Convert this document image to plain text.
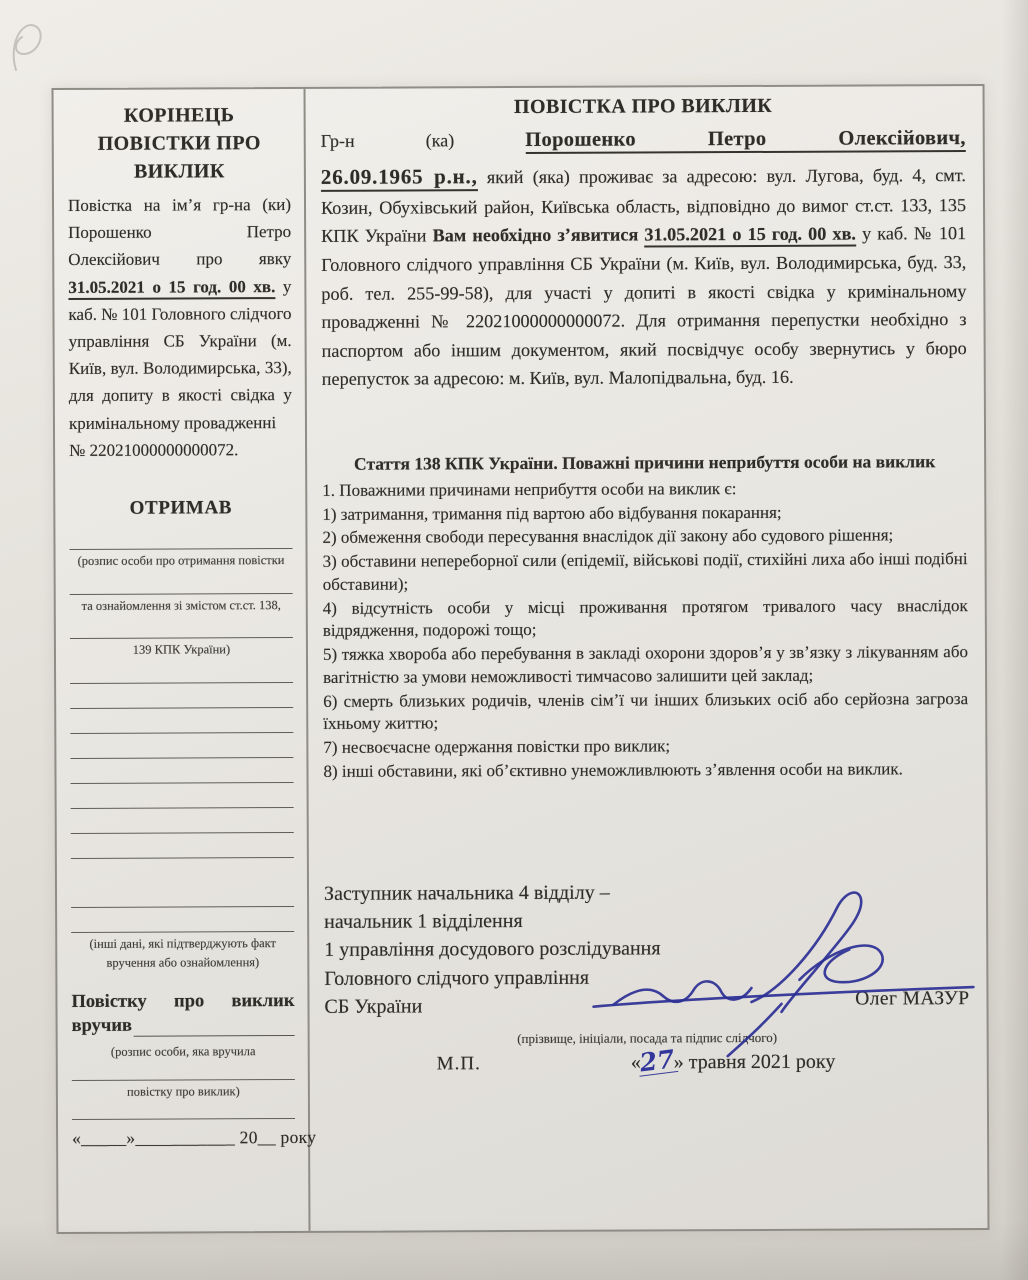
КОРІНЕЦЬ ПОВІСТКИ ПРО ВИКЛИК

Повістка на ім’я гр-на (ки) Порошенко Петро Олексійович про явку 31.05.2021 о 15 год. 00 хв. у каб. № 101 Головного слідчого управління СБ України (м. Київ, вул. Володимирська, 33), для допиту в якості свідка у кримінальному провадженні
№ 22021000000000072.

ОТРИМАВ
(розпис особи про отримання повістки
та ознайомлення зі змістом ст.ст. 138,
139 КПК України)
(інші дані, які підтверджують факт
вручення або ознайомлення)
Повістку про виклик
вручив
(розпис особи, яка вручила
повістку про виклик)
«_____»___________ 20__ року
ПОВІСТКА ПРО ВИКЛИК
Гр-н	(ка)	Порошенко Петро Олексійович,

26.09.1965 р.н., який (яка) проживає за адресою: вул. Лугова, буд. 4, смт. Козин, Обухівський район, Київська область, відповідно до вимог ст.ст. 133, 135 КПК України Вам необхідно з’явитися 31.05.2021 о 15 год. 00 хв. у каб. № 101 Головного слідчого управління СБ України (м. Київ, вул. Володимирська, буд. 33, роб. тел. 255-99-58), для участі у допиті в якості свідка у кримінальному провадженні № 22021000000000072. Для отримання перепустки необхідно з паспортом або іншим документом, який посвідчує особу звернутись у бюро перепусток за адресою: м. Київ, вул. Малопідвальна, буд. 16.

Стаття 138 КПК України. Поважні причини неприбуття особи на виклик

1. Поважними причинами неприбуття особи на виклик є:

1) затримання, тримання під вартою або відбування покарання;

2) обмеження свободи пересування внаслідок дії закону або судового рішення;

3) обставини непереборної сили (епідемії, військові події, стихійні лиха або інші подібні обставини);

4) відсутність особи у місці проживання протягом тривалого часу внаслідок відрядження, подорожі тощо;

5) тяжка хвороба або перебування в закладі охорони здоров’я у зв’язку з лікуванням або вагітністю за умови неможливості тимчасово залишити цей заклад;

6) смерть близьких родичів, членів сім’ї чи інших близьких осіб або серйозна загроза їхньому життю;

7) несвоєчасне одержання повістки про виклик;

8) інші обставини, які об’єктивно унеможливлюють з’явлення особи на виклик.

Заступник начальника 4 відділу –
начальник 1 відділення
1 управління досудового розслідування
Головного слідчого управління
СБ України	Олег МАЗУР
(прізвище, ініціали, посада та підпис слідчого)
М.П.	«27» травня 2021 року
